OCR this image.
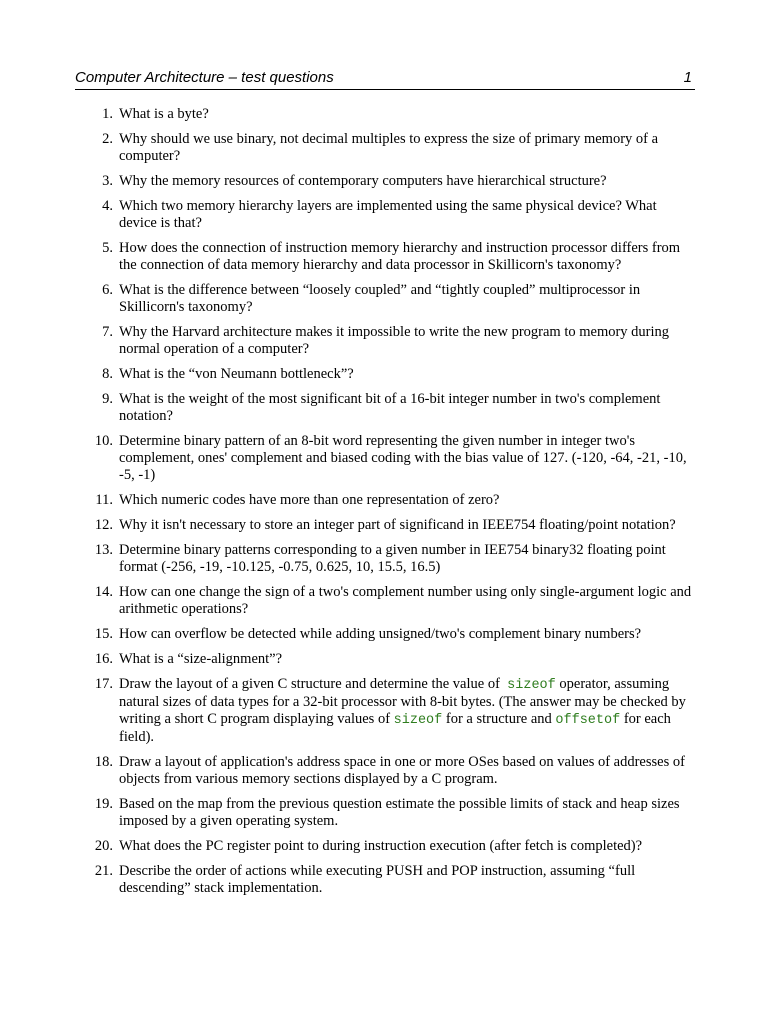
Computer Architecture – test questions	1
1. What is a byte?
2. Why should we use binary, not decimal multiples to express the size of primary memory of a computer?
3. Why the memory resources of contemporary computers have hierarchical structure?
4. Which two memory hierarchy layers are implemented using the same physical device? What device is that?
5. How does the connection of instruction memory hierarchy and instruction processor differs from the connection of data memory hierarchy and data processor in Skillicorn's taxonomy?
6. What is the difference between “loosely coupled” and “tightly coupled” multiprocessor in Skillicorn's taxonomy?
7. Why the Harvard architecture makes it impossible to write the new program to memory during normal operation of a computer?
8. What is the “von Neumann bottleneck”?
9. What is the weight of the most significant bit of a 16-bit integer number in two's complement notation?
10. Determine binary pattern of an 8-bit word representing the given number in integer two's complement, ones' complement and biased coding with the bias value of 127. (-120, -64, -21, -10, -5, -1)
11. Which numeric codes have more than one representation of zero?
12. Why it isn't necessary to store an integer part of significand in IEEE754 floating/point notation?
13. Determine binary patterns corresponding to a given number in IEE754 binary32 floating point format (-256, -19, -10.125, -0.75, 0.625, 10, 15.5, 16.5)
14. How can one change the sign of a two's complement number using only single-argument logic and arithmetic operations?
15. How can overflow be detected while adding unsigned/two's complement binary numbers?
16. What is a “size-alignment”?
17. Draw the layout of a given C structure and determine the value of  sizeof operator, assuming natural sizes of data types for a 32-bit processor with 8-bit bytes. (The answer may be checked by writing a short C program displaying values of sizeof for a structure and offsetof for each field).
18. Draw a layout of application's address space in one or more OSes based on values of addresses of objects from various memory sections displayed by a C program.
19. Based on the map from the previous question estimate the possible limits of stack and heap sizes imposed by a given operating system.
20. What does the PC register point to during instruction execution (after fetch is completed)?
21. Describe the order of actions while executing PUSH and POP instruction, assuming “full descending” stack implementation.
